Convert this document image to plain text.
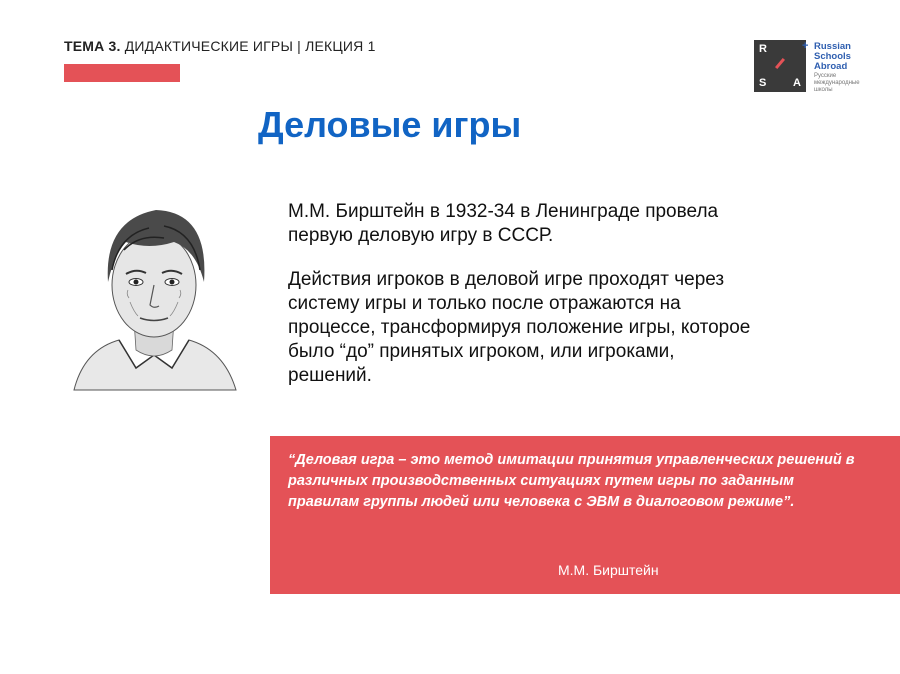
ТЕМА 3. ДИДАКТИЧЕСКИЕ ИГРЫ | ЛЕКЦИЯ 1	R
S A
+ Russian
Schools
Abroad
Русские
международные
школы
Деловые игры

М.М. Бирштейн в 1932-34 в Ленинграде провела первую деловую игру в СССР.

Действия игроков в деловой игре проходят через систему игры и только после отражаются на процессе, трансформируя положение игры, которое было “до” принятых игроком, или игроками, решений.

“Деловая игра – это метод имитации принятия управленческих решений в различных производственных ситуациях путем игры по заданным правилам группы людей или человека с ЭВМ в диалоговом режиме”.

М.М. Бирштейн
